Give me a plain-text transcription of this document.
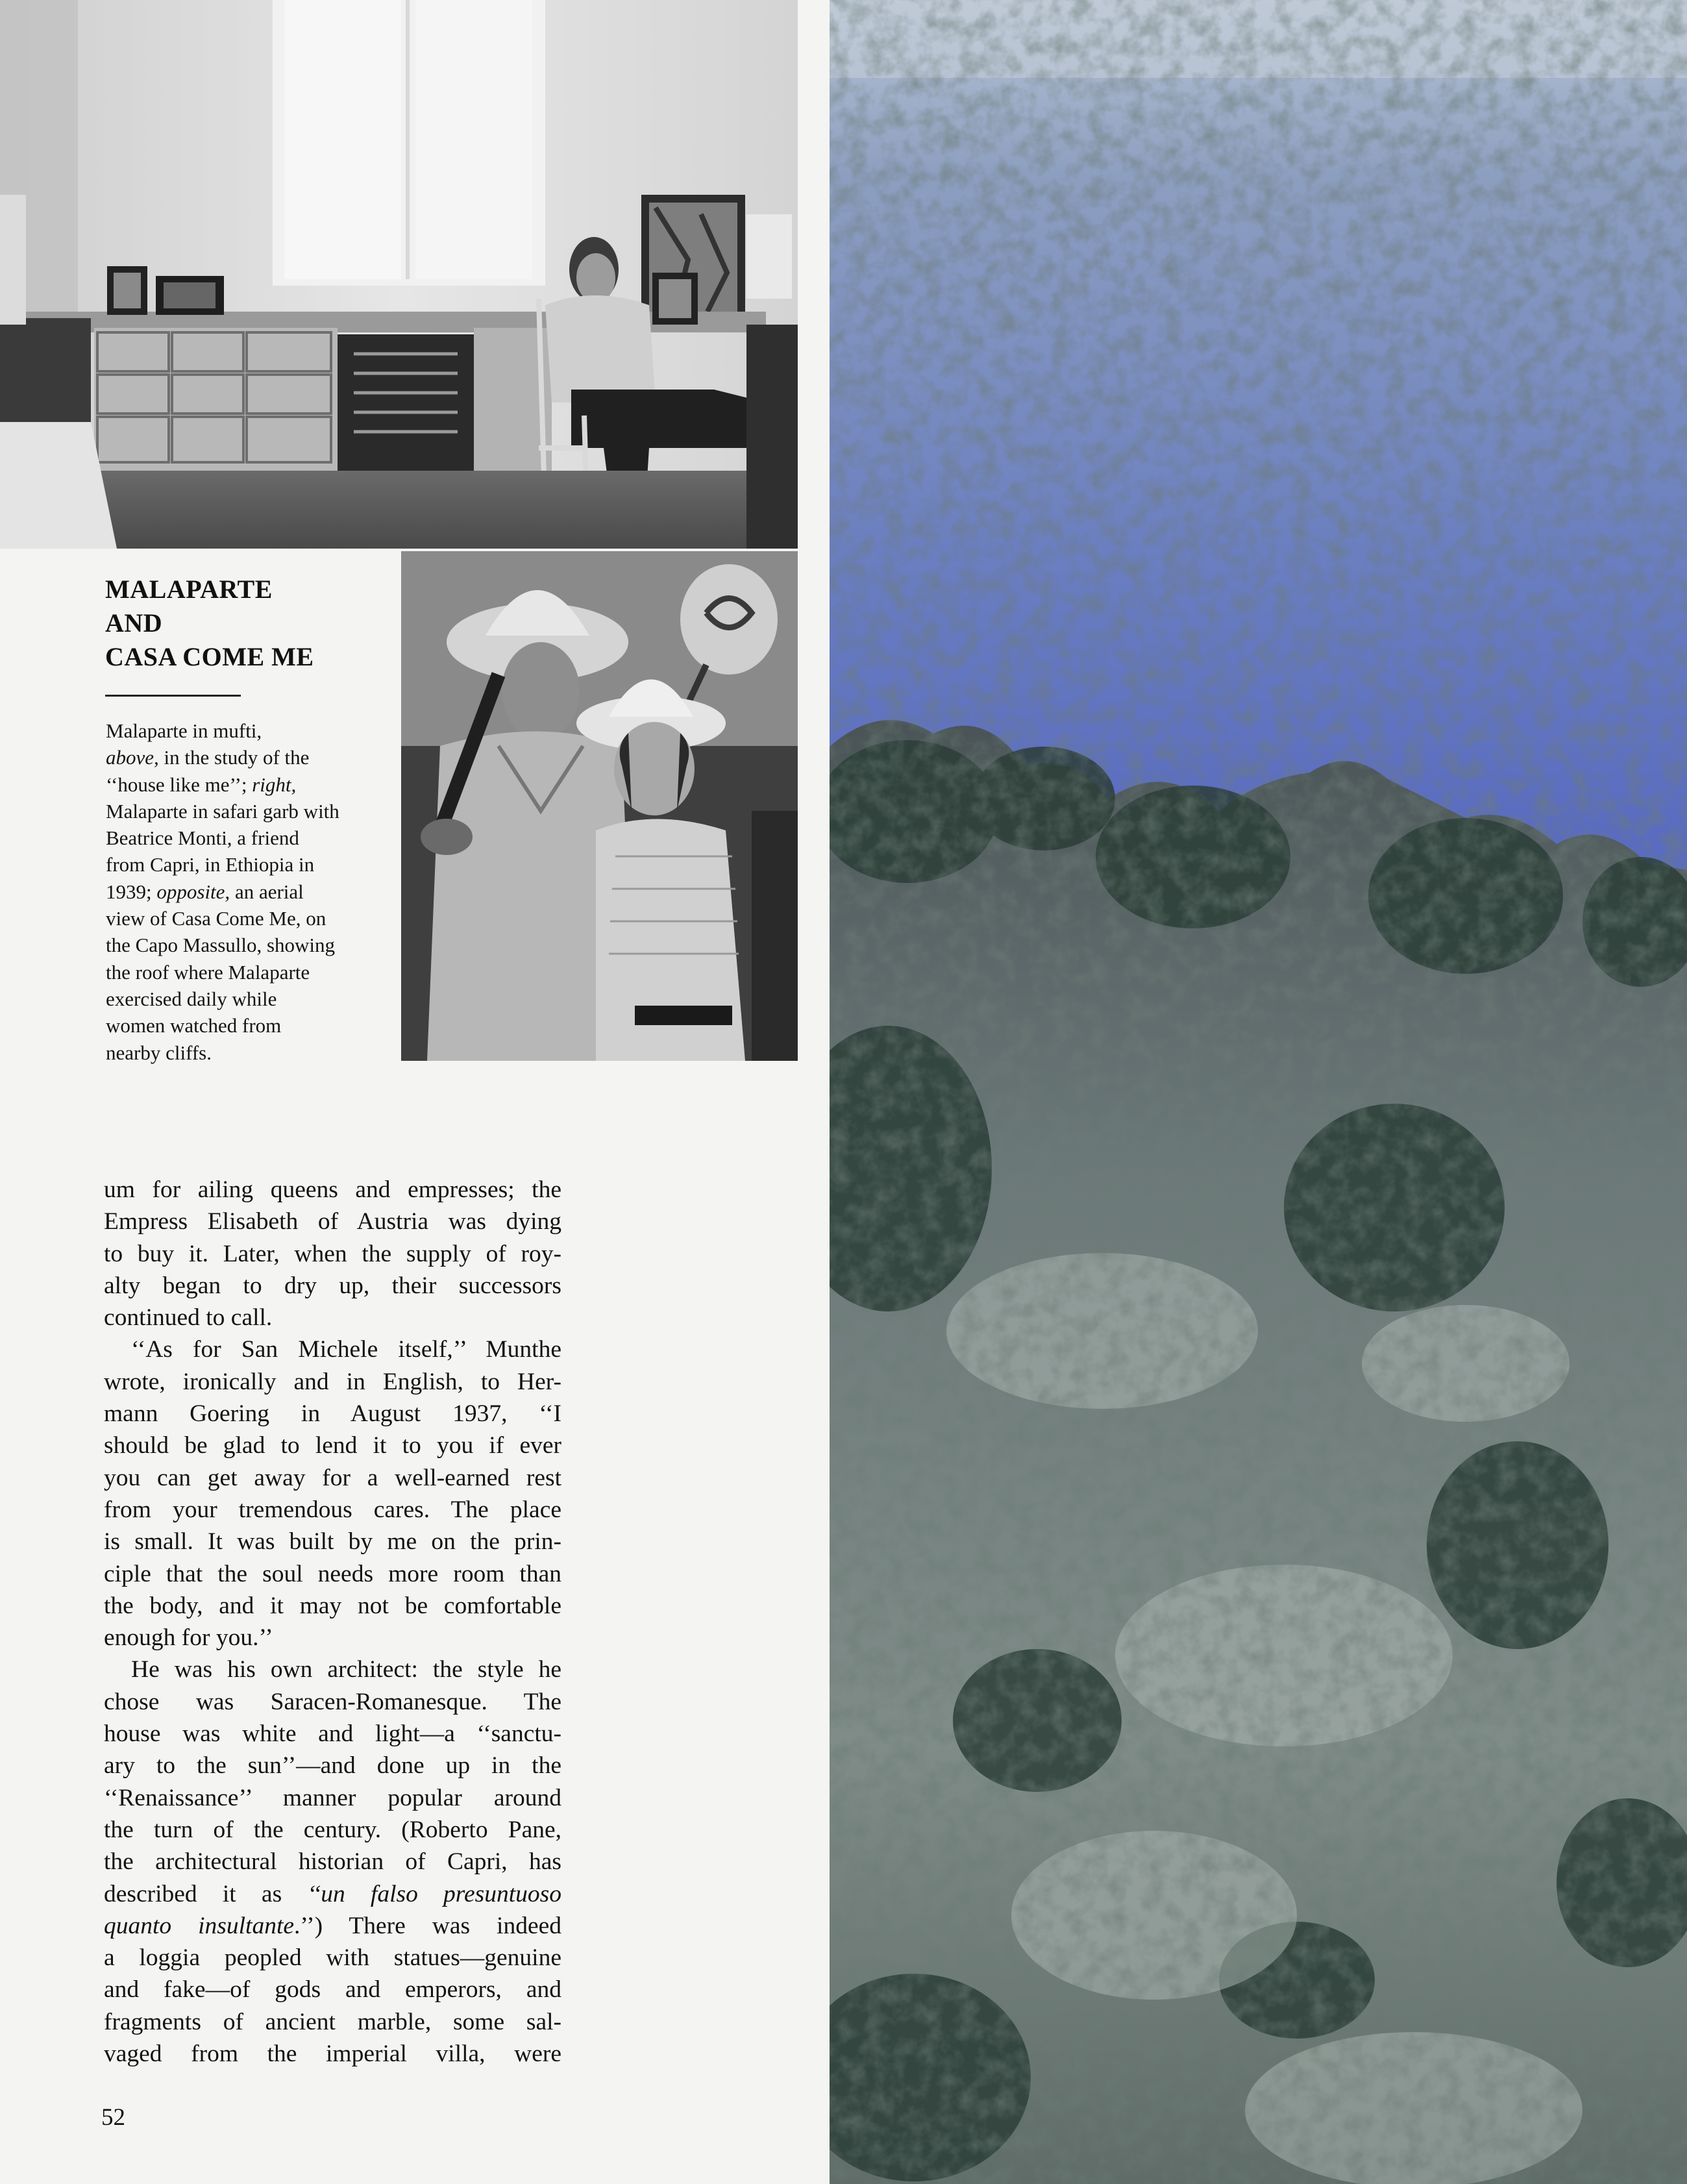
MALAPARTE
AND
CASA COME ME
Malaparte in mufti,
above, in the study of the
‘‘house like me’’; right,
Malaparte in safari garb with
Beatrice Monti, a friend
from Capri, in Ethiopia in
1939; opposite, an aerial
view of Casa Come Me, on
the Capo Massullo, showing
the roof where Malaparte
exercised daily while
women watched from
nearby cliffs.
um for ailing queens and empresses; the
Empress Elisabeth of Austria was dying
to buy it. Later, when the supply of roy-
alty began to dry up, their successors
continued to call.
‘‘As for San Michele itself,’’ Munthe
wrote, ironically and in English, to Her-
mann Goering in August 1937, ‘‘I
should be glad to lend it to you if ever
you can get away for a well-earned rest
from your tremendous cares. The place
is small. It was built by me on the prin-
ciple that the soul needs more room than
the body, and it may not be comfortable
enough for you.’’
He was his own architect: the style he
chose was Saracen-Romanesque. The
house was white and light—a ‘‘sanctu-
ary to the sun’’—and done up in the
‘‘Renaissance’’ manner popular around
the turn of the century. (Roberto Pane,
the architectural historian of Capri, has
described it as ‘‘un falso presuntuoso
quanto insultante.’’) There was indeed
a loggia peopled with statues—genuine
and fake—of gods and emperors, and
fragments of ancient marble, some sal-
vaged from the imperial villa, were
52
